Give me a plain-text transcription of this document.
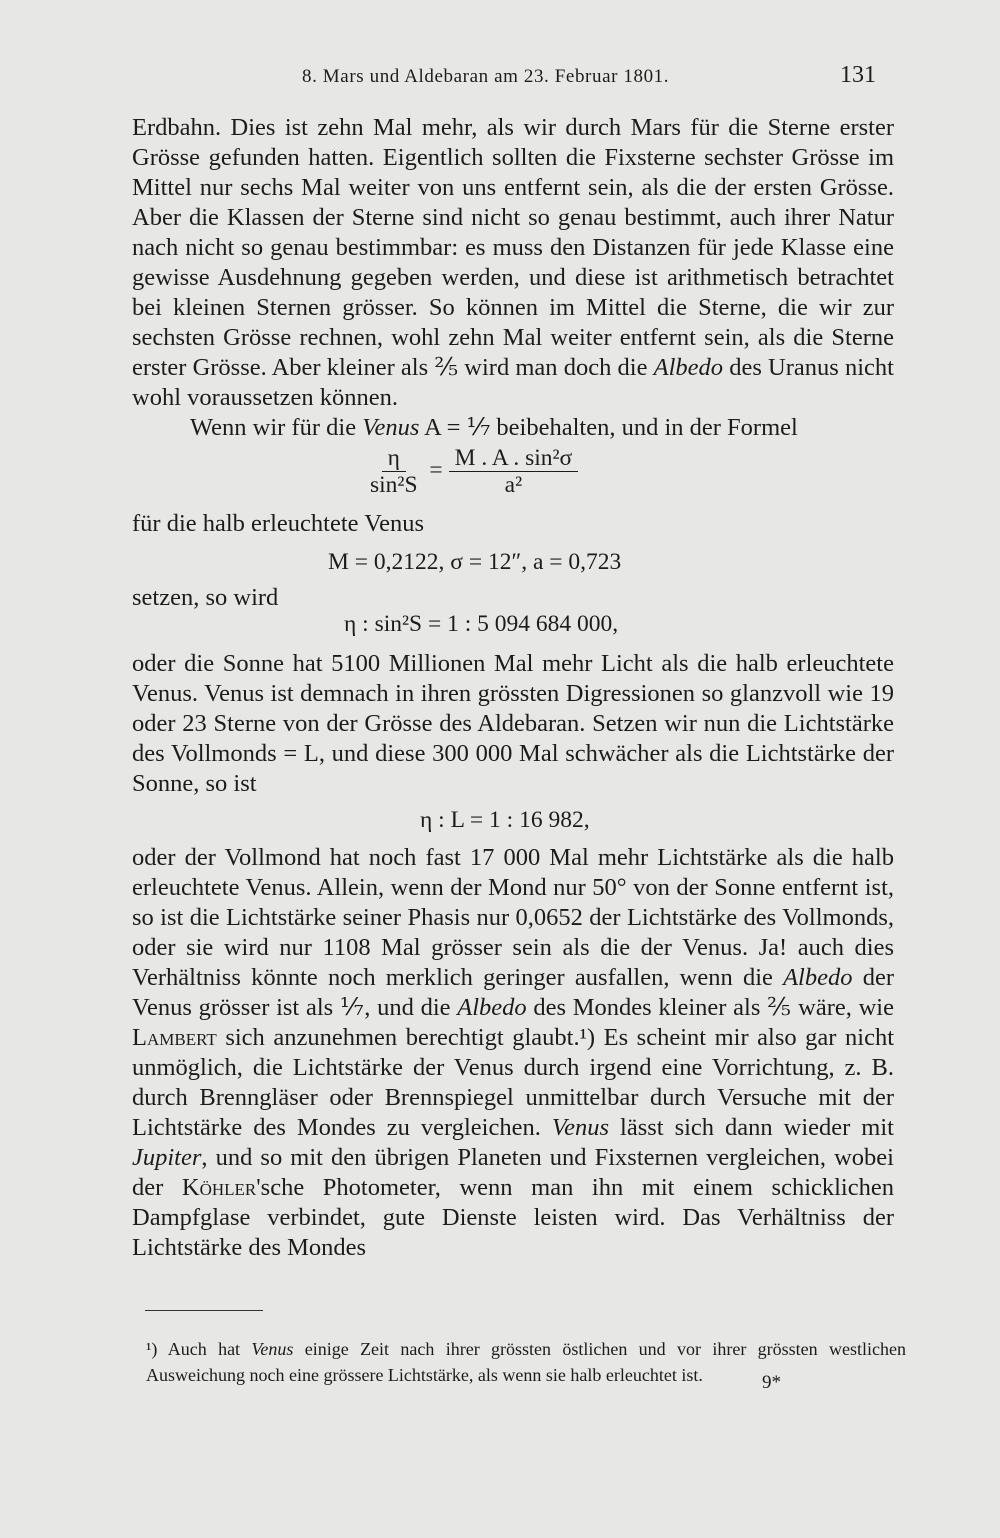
8. Mars und Aldebaran am 23. Februar 1801.	131

Erdbahn. Dies ist zehn Mal mehr, als wir durch Mars für die Sterne erster Grösse gefunden hatten. Eigentlich sollten die Fixsterne sechster Grösse im Mittel nur sechs Mal weiter von uns entfernt sein, als die der ersten Grösse. Aber die Klassen der Sterne sind nicht so genau bestimmt, auch ihrer Natur nach nicht so genau bestimmbar: es muss den Distanzen für jede Klasse eine gewisse Ausdehnung gegeben werden, und diese ist arithmetisch betrachtet bei kleinen Sternen grösser. So können im Mittel die Sterne, die wir zur sechsten Grösse rechnen, wohl zehn Mal weiter entfernt sein, als die Sterne erster Grösse. Aber kleiner als ⅖ wird man doch die Albedo des Uranus nicht wohl voraussetzen können.

Wenn wir für die Venus A = ⅐ beibehalten, und in der Formel

$\frac{\eta}{\text{sin²S}} = \frac{\text{M . A . sin²σ}}{\text{a²}}$

für die halb erleuchtete Venus

M = 0,2122, σ = 12″, a = 0,723

setzen, so wird

η : sin²S = 1 : 5 094 684 000,

oder die Sonne hat 5100 Millionen Mal mehr Licht als die halb erleuchtete Venus. Venus ist demnach in ihren grössten Digressionen so glanzvoll wie 19 oder 23 Sterne von der Grösse des Aldebaran. Setzen wir nun die Lichtstärke des Vollmonds = L, und diese 300 000 Mal schwächer als die Lichtstärke der Sonne, so ist

η : L = 1 : 16 982,

oder der Vollmond hat noch fast 17 000 Mal mehr Lichtstärke als die halb erleuchtete Venus. Allein, wenn der Mond nur 50° von der Sonne entfernt ist, so ist die Lichtstärke seiner Phasis nur 0,0652 der Lichtstärke des Vollmonds, oder sie wird nur 1108 Mal grösser sein als die der Venus. Ja! auch dies Verhältniss könnte noch merklich geringer ausfallen, wenn die Albedo der Venus grösser ist als ⅐, und die Albedo des Mondes kleiner als ⅖ wäre, wie Lambert sich anzunehmen berechtigt glaubt.¹) Es scheint mir also gar nicht unmöglich, die Lichtstärke der Venus durch irgend eine Vorrichtung, z. B. durch Brenngläser oder Brennspiegel unmittelbar durch Versuche mit der Lichtstärke des Mondes zu vergleichen. Venus lässt sich dann wieder mit Jupiter, und so mit den übrigen Planeten und Fixsternen vergleichen, wobei der Köhler'sche Photometer, wenn man ihn mit einem schicklichen Dampfglase verbindet, gute Dienste leisten wird. Das Verhältniss der Lichtstärke des Mondes

¹) Auch hat Venus einige Zeit nach ihrer grössten östlichen und vor ihrer grössten westlichen Ausweichung noch eine grössere Lichtstärke, als wenn sie halb erleuchtet ist.	9*
